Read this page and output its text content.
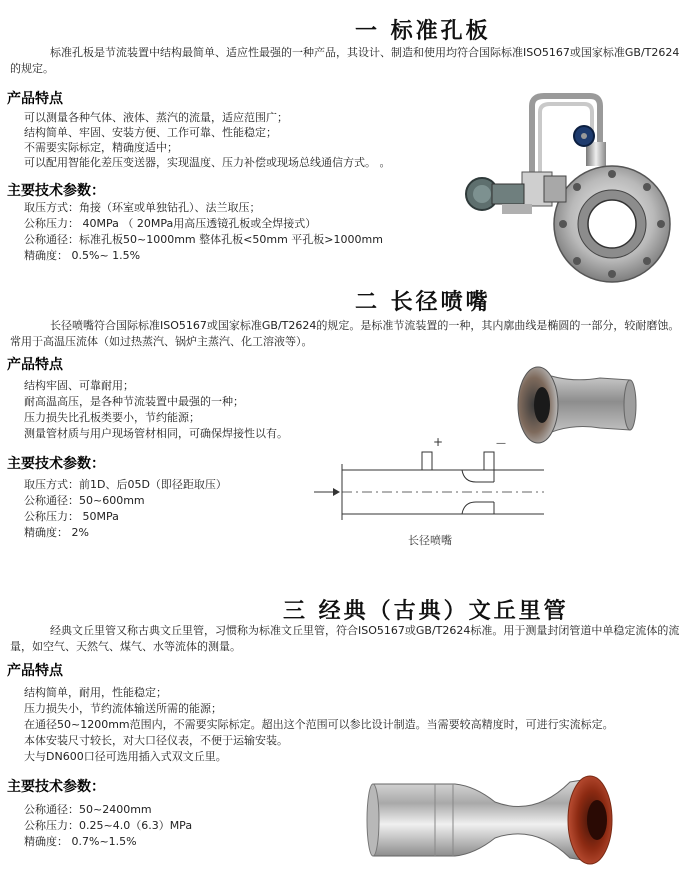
一 标准孔板
标准孔板是节流装置中结构最简单、适应性最强的一种产品，其设计、制造和使用均符合国际标准ISO5167或国家标准GB/T2624的规定。
产品特点
可以测量各种气体、液体、蒸汽的流量，适应范围广；
结构简单、牢固、安装方便、工作可靠、性能稳定；
不需要实际标定，精确度适中；
可以配用智能化差压变送器，实现温度、压力补偿或现场总线通信方式。 。
主要技术参数：
取压方式：角接（环室或单独钻孔）、法兰取压；
公称压力： 40MPa （ 20MPa用高压透镜孔板或全焊接式）
公称通径：标准孔板50~1000mm 整体孔板<50mm 平孔板>1000mm
精确度： 0.5%~ 1.5%
二 长径喷嘴
长径喷嘴符合国际标准ISO5167或国家标准GB/T2624的规定。是标准节流装置的一种，其内廓曲线是椭圆的一部分，较耐磨蚀。常用于高温压流体（如过热蒸汽、锅炉主蒸汽、化工溶液等）。
产品特点
结构牢固、可靠耐用；
耐高温高压，是各种节流装置中最强的一种；
压力损失比孔板类要小，节约能源；
测量管材质与用户现场管材相同，可确保焊接性以有。
主要技术参数：
取压方式：前1D、后05D（即径距取压）
公称通径：50~600mm
公称压力： 50MPa
精确度： 2%
+	—
长径喷嘴
三 经典（古典）文丘里管
经典文丘里管又称古典文丘里管，习惯称为标准文丘里管，符合ISO5167或GB/T2624标准。用于测量封闭管道中单稳定流体的流量，如空气、天然气、煤气、水等流体的测量。
产品特点
结构简单，耐用，性能稳定；
压力损失小，节约流体输送所需的能源；
在通径50~1200mm范围内，不需要实际标定。超出这个范围可以参比设计制造。当需要较高精度时，可进行实流标定。
本体安装尺寸较长，对大口径仪表，不便于运输安装。
大与DN600口径可选用插入式双文丘里。
主要技术参数：
公称通径：50~2400mm
公称压力：0.25~4.0（6.3）MPa
精确度： 0.7%~1.5%
